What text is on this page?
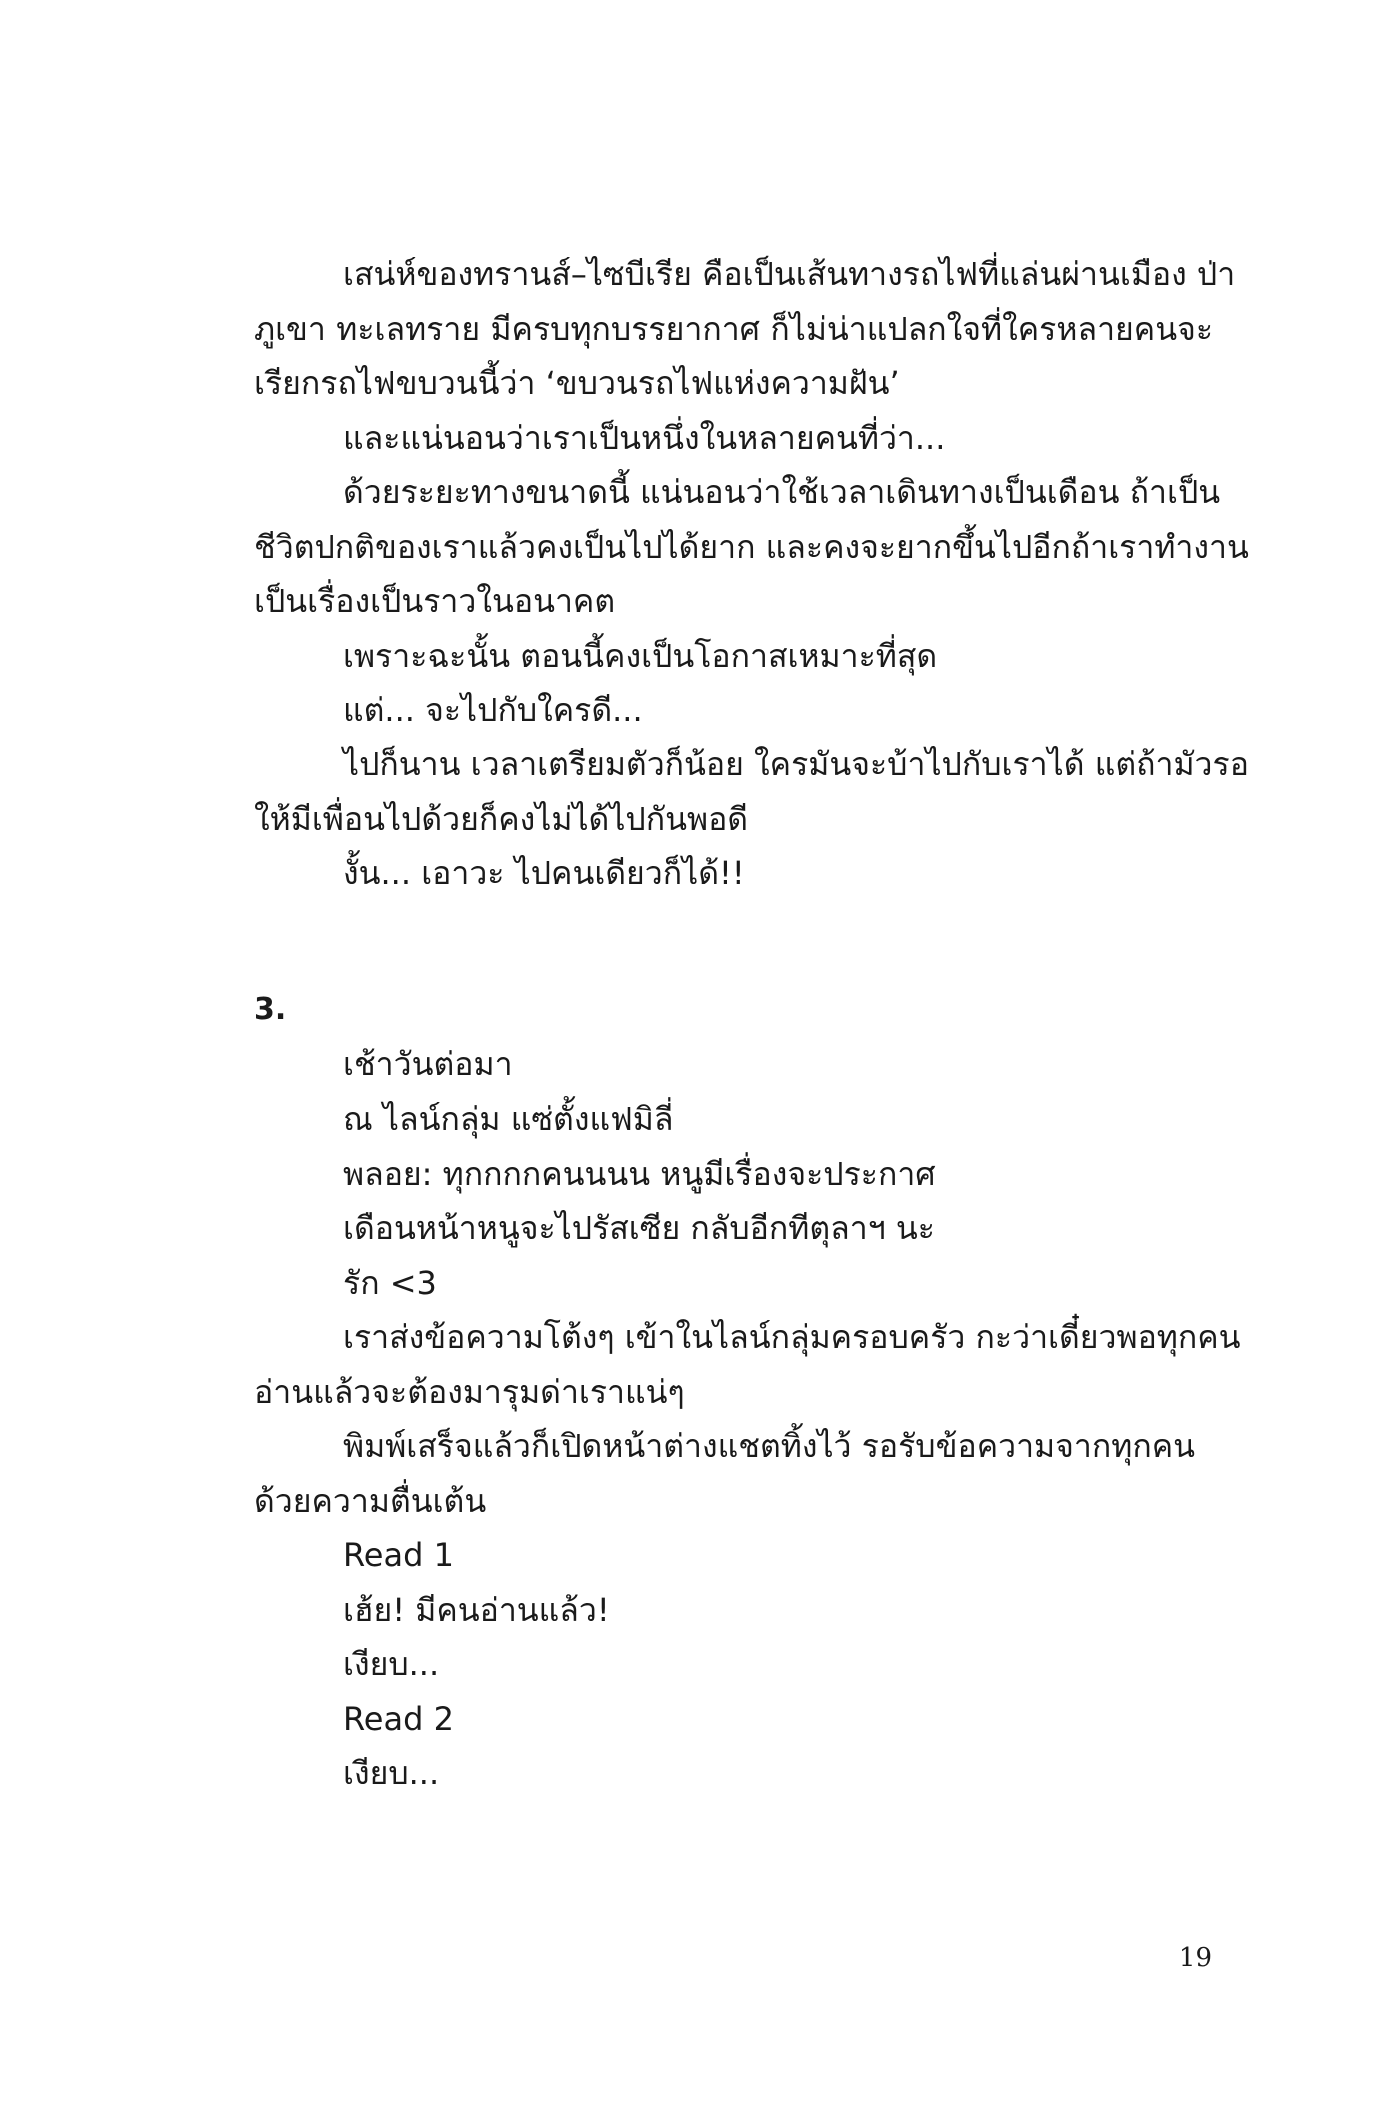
เสน่ห์ของทรานส์–ไซบีเรีย คือเป็นเส้นทางรถไฟที่แล่นผ่านเมือง ป่า
ภูเขา ทะเลทราย มีครบทุกบรรยากาศ ก็ไม่น่าแปลกใจที่ใครหลายคนจะ
เรียกรถไฟขบวนนี้ว่า ‘ขบวนรถไฟแห่งความฝัน’
และแน่นอนว่าเราเป็นหนึ่งในหลายคนที่ว่า...
ด้วยระยะทางขนาดนี้ แน่นอนว่าใช้เวลาเดินทางเป็นเดือน ถ้าเป็น
ชีวิตปกติของเราแล้วคงเป็นไปได้ยาก และคงจะยากขึ้นไปอีกถ้าเราทำงาน
เป็นเรื่องเป็นราวในอนาคต
เพราะฉะนั้น ตอนนี้คงเป็นโอกาสเหมาะที่สุด
แต่... จะไปกับใครดี...
ไปก็นาน เวลาเตรียมตัวก็น้อย ใครมันจะบ้าไปกับเราได้ แต่ถ้ามัวรอ
ให้มีเพื่อนไปด้วยก็คงไม่ได้ไปกันพอดี
งั้น... เอาวะ ไปคนเดียวก็ได้!!
3.
เช้าวันต่อมา
ณ ไลน์กลุ่ม แซ่ตั้งแฟมิลี่
พลอย: ทุกกกกคนนนน หนูมีเรื่องจะประกาศ
เดือนหน้าหนูจะไปรัสเซีย กลับอีกทีตุลาฯ นะ
รัก <3
เราส่งข้อความโต้งๆ เข้าในไลน์กลุ่มครอบครัว กะว่าเดี๋ยวพอทุกคน
อ่านแล้วจะต้องมารุมด่าเราแน่ๆ
พิมพ์เสร็จแล้วก็เปิดหน้าต่างแชตทิ้งไว้ รอรับข้อความจากทุกคน
ด้วยความตื่นเต้น
Read 1
เฮ้ย! มีคนอ่านแล้ว!
เงียบ...
Read 2
เงียบ...
19
